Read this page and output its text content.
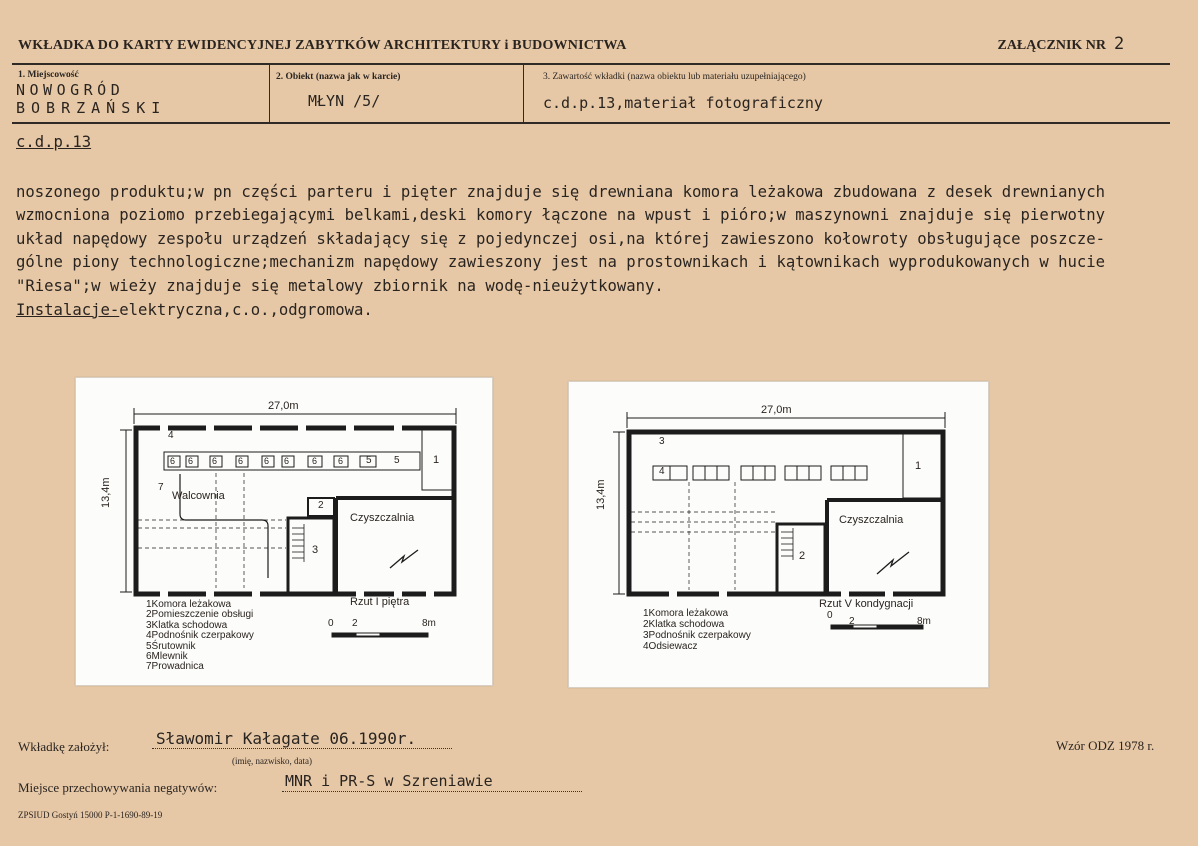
WKŁADKA DO KARTY EWIDENCYJNEJ ZABYTKÓW ARCHITEKTURY i BUDOWNICTWA	ZAŁĄCZNIK NR 2
1. Miejscowość
NOWOGRÓD
BOBRZAŃSKI
2. Obiekt (nazwa jak w karcie)
MŁYN /5/
3. Zawartość wkładki (nazwa obiektu lub materiału uzupełniającego)
c.d.p.13,materiał fotograficzny
c.d.p.13

noszonego produktu;w pn części parteru i pięter znajduje się drewniana komora leżakowa zbudowana z desek drewnianych
wzmocniona poziomo przebiegającymi belkami,deski komory łączone na wpust i pióro;w maszynowni znajduje się pierwotny
układ napędowy zespołu urządzeń składający się z pojedynczej osi,na której zawieszono kołowroty obsługujące poszcze-
gólne piony technologiczne;mechanizm napędowy zawieszony jest na prostownikach i kątownikach wyprodukowanych w hucie
"Riesa";w wieży znajduje się metalowy zbiornik na wodę-nieużytkowany.
Instalacje-elektryczna,c.o.,odgromowa.

27,0m
13,4m
4
6 6 6 6 6 6	6 6	5
5	1
7
2
3
Walcownia
Czyszczalnia
Rzut I piętra
0 2	8m
1Komora leżakowa
2Pomieszczenie obsługi
3Klatka schodowa
4Podnośnik czerpakowy
5Śrutownik
6Mlewnik
7Prowadnica
27,0m
13,4m
3
4	1
2
Czyszczalnia
Rzut V kondygnacji
0
2	8m
1Komora leżakowa
2Klatka schodowa
3Podnośnik czerpakowy
4Odsiewacz
Wkładkę założył:	Sławomir Kałagate 06.1990r.
(imię, nazwisko, data)
Miejsce przechowywania negatywów:	MNR i PR-S w Szreniawie
Wzór ODZ 1978 r.
ZPSIUD Gostyń 15000 P-1-1690-89-19
